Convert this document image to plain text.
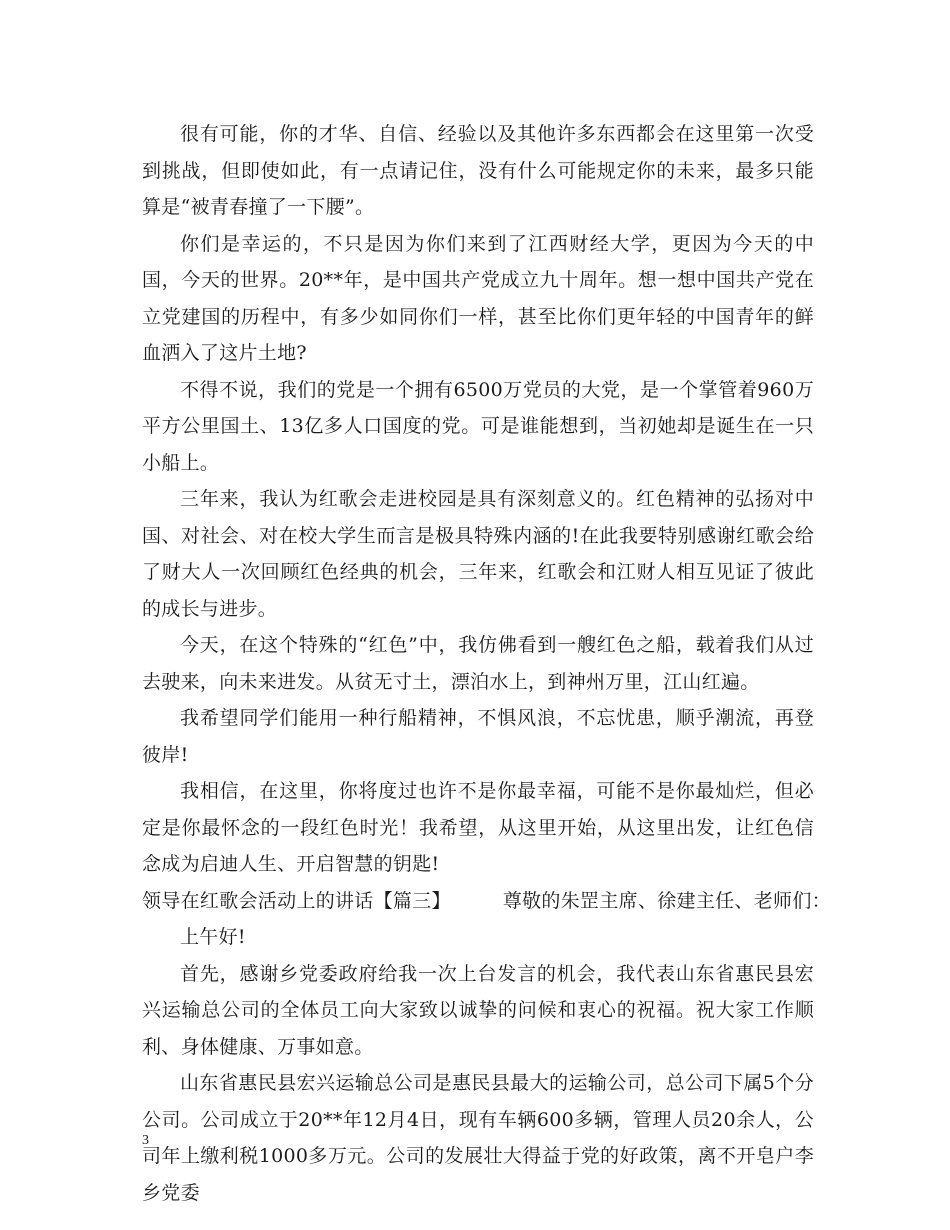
很有可能，你的才华、自信、经验以及其他许多东西都会在这里第一次受到挑战，但即使如此，有一点请记住，没有什么可能规定你的未来，最多只能算是“被青春撞了一下腰”。

你们是幸运的，不只是因为你们来到了江西财经大学，更因为今天的中国，今天的世界。20**年，是中国共产党成立九十周年。想一想中国共产党在立党建国的历程中，有多少如同你们一样，甚至比你们更年轻的中国青年的鲜血洒入了这片土地?

不得不说，我们的党是一个拥有6500万党员的大党，是一个掌管着960万平方公里国土、13亿多人口国度的党。可是谁能想到，当初她却是诞生在一只小船上。

三年来，我认为红歌会走进校园是具有深刻意义的。红色精神的弘扬对中国、对社会、对在校大学生而言是极具特殊内涵的!在此我要特别感谢红歌会给了财大人一次回顾红色经典的机会，三年来，红歌会和江财人相互见证了彼此的成长与进步。

今天，在这个特殊的“红色”中，我仿佛看到一艘红色之船，载着我们从过去驶来，向未来进发。从贫无寸土，漂泊水上，到神州万里，江山红遍。

我希望同学们能用一种行船精神，不惧风浪，不忘忧患，顺乎潮流，再登彼岸!

我相信，在这里，你将度过也许不是你最幸福，可能不是你最灿烂，但必定是你最怀念的一段红色时光！我希望，从这里开始，从这里出发，让红色信念成为启迪人生、开启智慧的钥匙!

领导在红歌会活动上的讲话【篇三】	尊敬的朱罡主席、徐建主任、老师们：

上午好!

首先，感谢乡党委政府给我一次上台发言的机会，我代表山东省惠民县宏兴运输总公司的全体员工向大家致以诚挚的问候和衷心的祝福。祝大家工作顺利、身体健康、万事如意。

山东省惠民县宏兴运输总公司是惠民县最大的运输公司，总公司下属5个分公司。公司成立于20**年12月4日，现有车辆600多辆，管理人员20余人，公司年上缴利税1000多万元。公司的发展壮大得益于党的好政策，离不开皂户李乡党委

3
